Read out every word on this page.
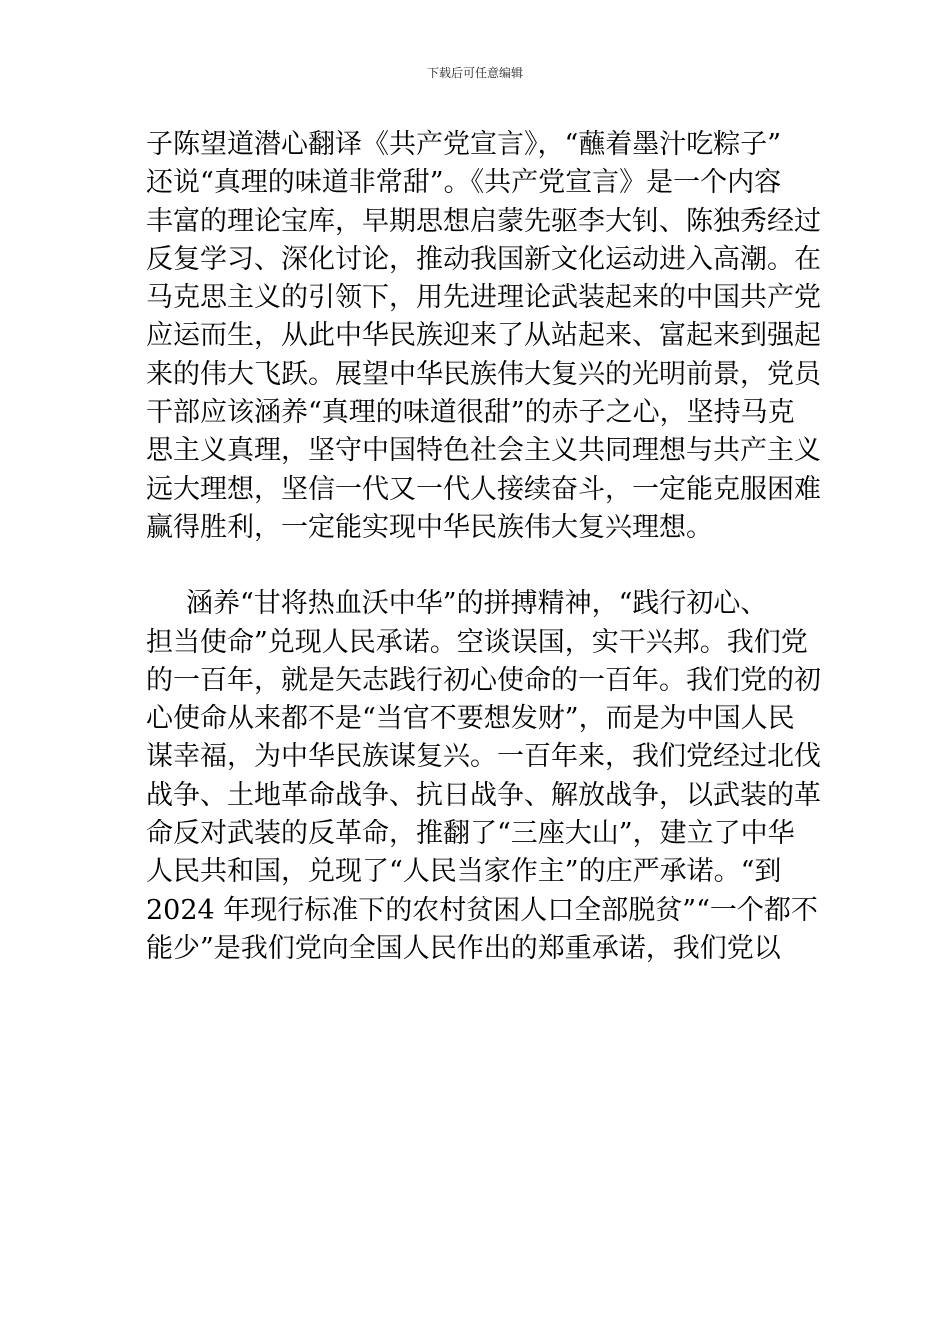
下载后可任意编辑

子陈望道潜心翻译《共产党宣言》，“蘸着墨汁吃粽子”
还说“真理的味道非常甜”。《共产党宣言》是一个内容
丰富的理论宝库，早期思想启蒙先驱李大钊、陈独秀经过
反复学习、深化讨论，推动我国新文化运动进入高潮。在
马克思主义的引领下，用先进理论武装起来的中国共产党
应运而生，从此中华民族迎来了从站起来、富起来到强起
来的伟大飞跃。展望中华民族伟大复兴的光明前景，党员
干部应该涵养“真理的味道很甜”的赤子之心，坚持马克
思主义真理，坚守中国特色社会主义共同理想与共产主义
远大理想，坚信一代又一代人接续奋斗，一定能克服困难
赢得胜利，一定能实现中华民族伟大复兴理想。

涵养“甘将热血沃中华”的拼搏精神，“践行初心、
担当使命”兑现人民承诺。空谈误国，实干兴邦。我们党
的一百年，就是矢志践行初心使命的一百年。我们党的初
心使命从来都不是“当官不要想发财”，而是为中国人民
谋幸福，为中华民族谋复兴。一百年来，我们党经过北伐
战争、土地革命战争、抗日战争、解放战争，以武装的革
命反对武装的反革命，推翻了“三座大山”，建立了中华
人民共和国，兑现了“人民当家作主”的庄严承诺。“到
2024 年现行标准下的农村贫困人口全部脱贫”“一个都不
能少”是我们党向全国人民作出的郑重承诺，我们党以
